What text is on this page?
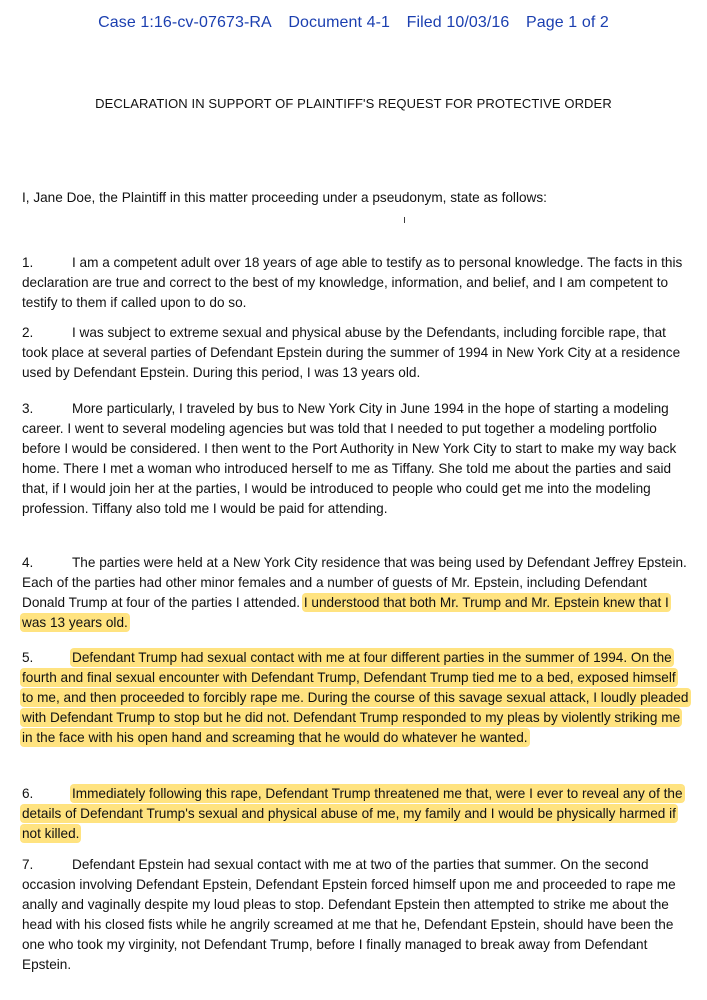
Case 1:16-cv-07673-RA Document 4-1 Filed 10/03/16 Page 1 of 2
DECLARATION IN SUPPORT OF PLAINTIFF'S REQUEST FOR PROTECTIVE ORDER
I, Jane Doe, the Plaintiff in this matter proceeding under a pseudonym, state as follows:
ı
1.	I am a competent adult over 18 years of age able to testify as to personal knowledge. The facts in this declaration are true and correct to the best of my knowledge, information, and belief, and I am competent to testify to them if called upon to do so.
2.	I was subject to extreme sexual and physical abuse by the Defendants, including forcible rape, that took place at several parties of Defendant Epstein during the summer of 1994 in New York City at a residence used by Defendant Epstein. During this period, I was 13 years old.
3.	More particularly, I traveled by bus to New York City in June 1994 in the hope of starting a modeling career. I went to several modeling agencies but was told that I needed to put together a modeling portfolio before I would be considered. I then went to the Port Authority in New York City to start to make my way back home. There I met a woman who introduced herself to me as Tiffany. She told me about the parties and said that, if I would join her at the parties, I would be introduced to people who could get me into the modeling profession. Tiffany also told me I would be paid for attending.
4.	The parties were held at a New York City residence that was being used by Defendant Jeffrey Epstein. Each of the parties had other minor females and a number of guests of Mr. Epstein, including Defendant Donald Trump at four of the parties I attended. I understood that both Mr. Trump and Mr. Epstein knew that I was 13 years old.
5.	Defendant Trump had sexual contact with me at four different parties in the summer of 1994. On the fourth and final sexual encounter with Defendant Trump, Defendant Trump tied me to a bed, exposed himself to me, and then proceeded to forcibly rape me. During the course of this savage sexual attack, I loudly pleaded with Defendant Trump to stop but he did not. Defendant Trump responded to my pleas by violently striking me in the face with his open hand and screaming that he would do whatever he wanted.
6.	Immediately following this rape, Defendant Trump threatened me that, were I ever to reveal any of the details of Defendant Trump's sexual and physical abuse of me, my family and I would be physically harmed if not killed.
7.	Defendant Epstein had sexual contact with me at two of the parties that summer. On the second occasion involving Defendant Epstein, Defendant Epstein forced himself upon me and proceeded to rape me anally and vaginally despite my loud pleas to stop. Defendant Epstein then attempted to strike me about the head with his closed fists while he angrily screamed at me that he, Defendant Epstein, should have been the one who took my virginity, not Defendant Trump, before I finally managed to break away from Defendant Epstein.
